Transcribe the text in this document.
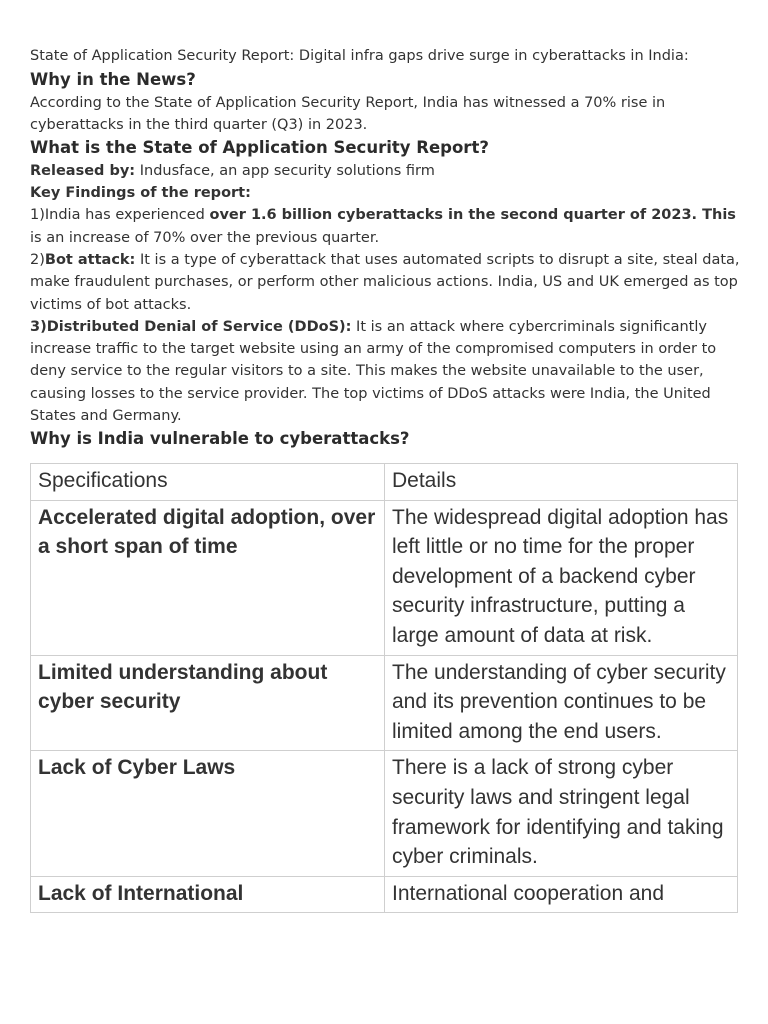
State of Application Security Report: Digital infra gaps drive surge in cyberattacks in India:

Why in the News?

According to the State of Application Security Report, India has witnessed a 70% rise in cyberattacks in the third quarter (Q3) in 2023.

What is the State of Application Security Report?

Released by: Indusface, an app security solutions firm

Key Findings of the report:

1)India has experienced over 1.6 billion cyberattacks in the second quarter of 2023. This is an increase of 70% over the previous quarter.

2)Bot attack: It is a type of cyberattack that uses automated scripts to disrupt a site, steal data, make fraudulent purchases, or perform other malicious actions. India, US and UK emerged as top victims of bot attacks.

3)Distributed Denial of Service (DDoS): It is an attack where cybercriminals significantly increase traffic to the target website using an army of the compromised computers in order to deny service to the regular visitors to a site. This makes the website unavailable to the user, causing losses to the service provider. The top victims of DDoS attacks were India, the United States and Germany.

Why is India vulnerable to cyberattacks?

Specifications	Details
Accelerated digital adoption, over a short span of time	The widespread digital adoption has left little or no time for the proper development of a backend cyber security infrastructure, putting a large amount of data at risk.
Limited understanding about cyber security	The understanding of cyber security and its prevention continues to be limited among the end users.
Lack of Cyber Laws	There is a lack of strong cyber security laws and stringent legal framework for identifying and taking cyber criminals.
Lack of International	International cooperation and
